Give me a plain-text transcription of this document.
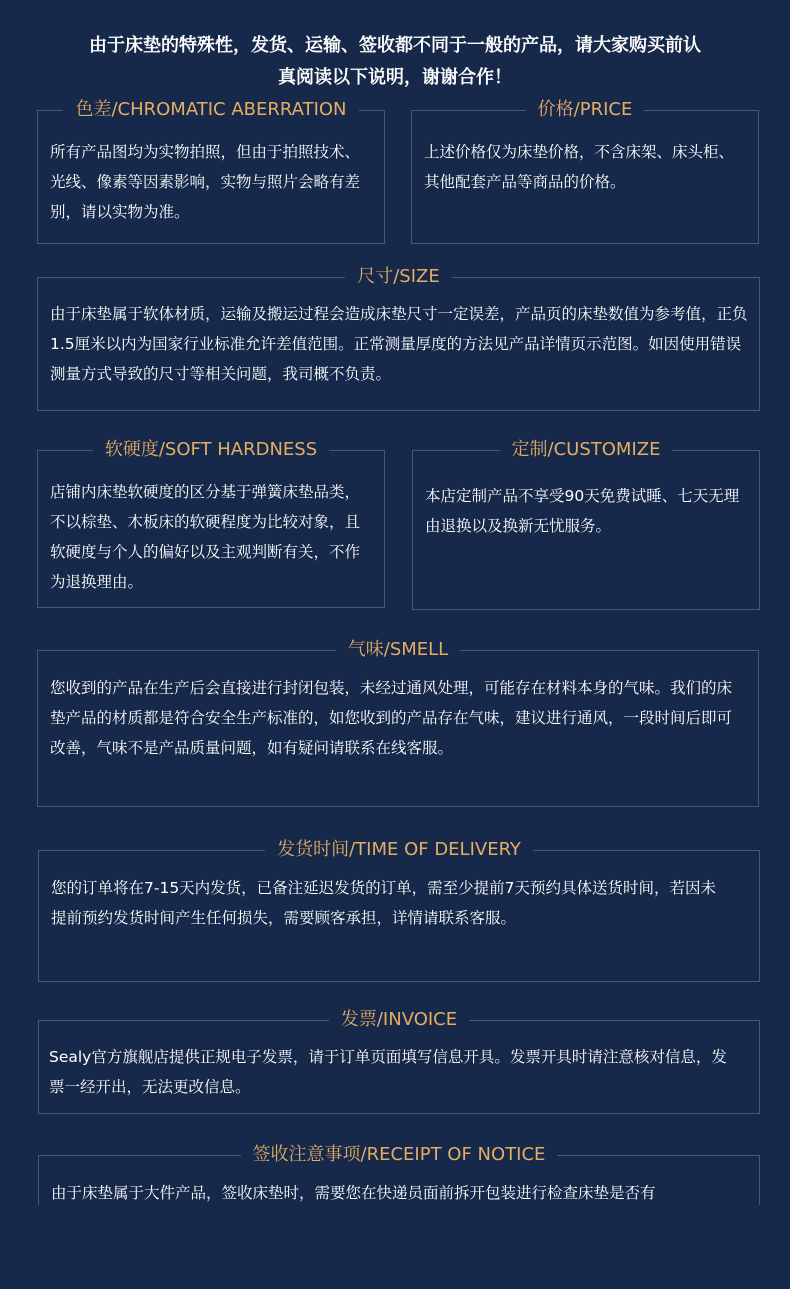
由于床垫的特殊性，发货、运输、签收都不同于一般的产品，请大家购买前认
真阅读以下说明，谢谢合作！
色差/CHROMATIC ABERRATION
所有产品图均为实物拍照，但由于拍照技术、光线、像素等因素影响，实物与照片会略有差别，请以实物为准。
价格/PRICE
上述价格仅为床垫价格，不含床架、床头柜、其他配套产品等商品的价格。
尺寸/SIZE
由于床垫属于软体材质，运输及搬运过程会造成床垫尺寸一定误差，产品页的床垫数值为参考值，正负1.5厘米以内为国家行业标准允许差值范围。正常测量厚度的方法见产品详情页示范图。如因使用错误测量方式导致的尺寸等相关问题，我司概不负责。
软硬度/SOFT HARDNESS
店铺内床垫软硬度的区分基于弹簧床垫品类，不以棕垫、木板床的软硬程度为比较对象，且软硬度与个人的偏好以及主观判断有关，不作为退换理由。
定制/CUSTOMIZE
本店定制产品不享受90天免费试睡、七天无理由退换以及换新无忧服务。
气味/SMELL
您收到的产品在生产后会直接进行封闭包装，未经过通风处理，可能存在材料本身的气味。我们的床垫产品的材质都是符合安全生产标准的，如您收到的产品存在气味，建议进行通风，一段时间后即可改善，气味不是产品质量问题，如有疑问请联系在线客服。
发货时间/TIME OF DELIVERY
您的订单将在7-15天内发货，已备注延迟发货的订单，需至少提前7天预约具体送货时间，若因未提前预约发货时间产生任何损失，需要顾客承担，详情请联系客服。
发票/INVOICE
Sealy官方旗舰店提供正规电子发票，请于订单页面填写信息开具。发票开具时请注意核对信息，发票一经开出，无法更改信息。
签收注意事项/RECEIPT OF NOTICE
由于床垫属于大件产品，签收床垫时，需要您在快递员面前拆开包装进行检查床垫是否有
